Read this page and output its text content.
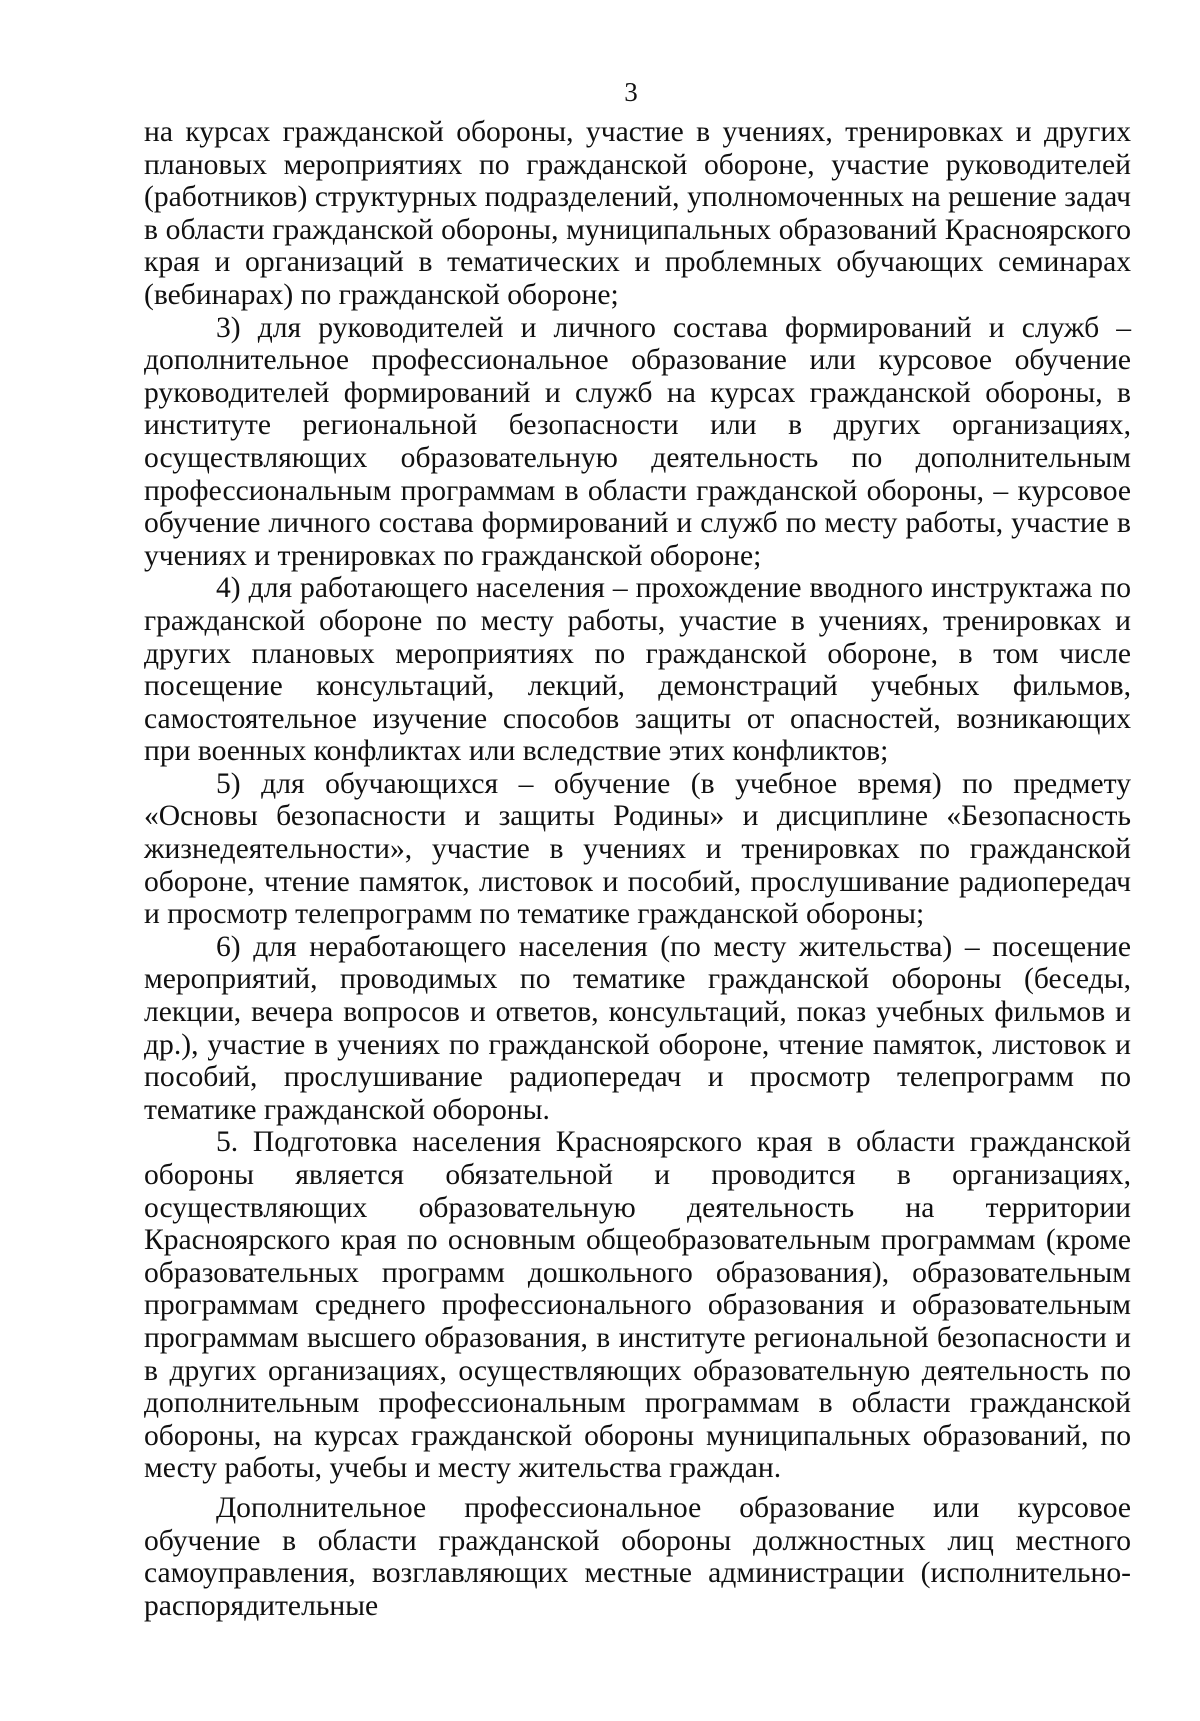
3

на курсах гражданской обороны, участие в учениях, тренировках и других плановых мероприятиях по гражданской обороне, участие руководителей (работников) структурных подразделений, уполномоченных на решение задач в области гражданской обороны, муниципальных образований Красноярского края и организаций в тематических и проблемных обучающих семинарах (вебинарах) по гражданской обороне;

3) для руководителей и личного состава формирований и служб – дополнительное профессиональное образование или курсовое обучение руководителей формирований и служб на курсах гражданской обороны, в институте региональной безопасности или в других организациях, осуществляющих образовательную деятельность по дополнительным профессиональным программам в области гражданской обороны, – курсовое обучение личного состава формирований и служб по месту работы, участие в учениях и тренировках по гражданской обороне;

4) для работающего населения – прохождение вводного инструктажа по гражданской обороне по месту работы, участие в учениях, тренировках и других плановых мероприятиях по гражданской обороне, в том числе посещение консультаций, лекций, демонстраций учебных фильмов, самостоятельное изучение способов защиты от опасностей, возникающих при военных конфликтах или вследствие этих конфликтов;

5) для обучающихся – обучение (в учебное время) по предмету «Основы безопасности и защиты Родины» и дисциплине «Безопасность жизнедеятельности», участие в учениях и тренировках по гражданской обороне, чтение памяток, листовок и пособий, прослушивание радиопередач и просмотр телепрограмм по тематике гражданской обороны;

6) для неработающего населения (по месту жительства) – посещение мероприятий, проводимых по тематике гражданской обороны (беседы, лекции, вечера вопросов и ответов, консультаций, показ учебных фильмов и др.), участие в учениях по гражданской обороне, чтение памяток, листовок и пособий, прослушивание радиопередач и просмотр телепрограмм по тематике гражданской обороны.

5. Подготовка населения Красноярского края в области гражданской обороны является обязательной и проводится в организациях, осуществляющих образовательную деятельность на территории Красноярского края по основным общеобразовательным программам (кроме образовательных программ дошкольного образования), образовательным программам среднего профессионального образования и образовательным программам высшего образования, в институте региональной безопасности и в других организациях, осуществляющих образовательную деятельность по дополнительным профессиональным программам в области гражданской обороны, на курсах гражданской обороны муниципальных образований, по месту работы, учебы и месту жительства граждан.

Дополнительное профессиональное образование или курсовое обучение в области гражданской обороны должностных лиц местного самоуправления, возглавляющих местные администрации (исполнительно-распорядительные
